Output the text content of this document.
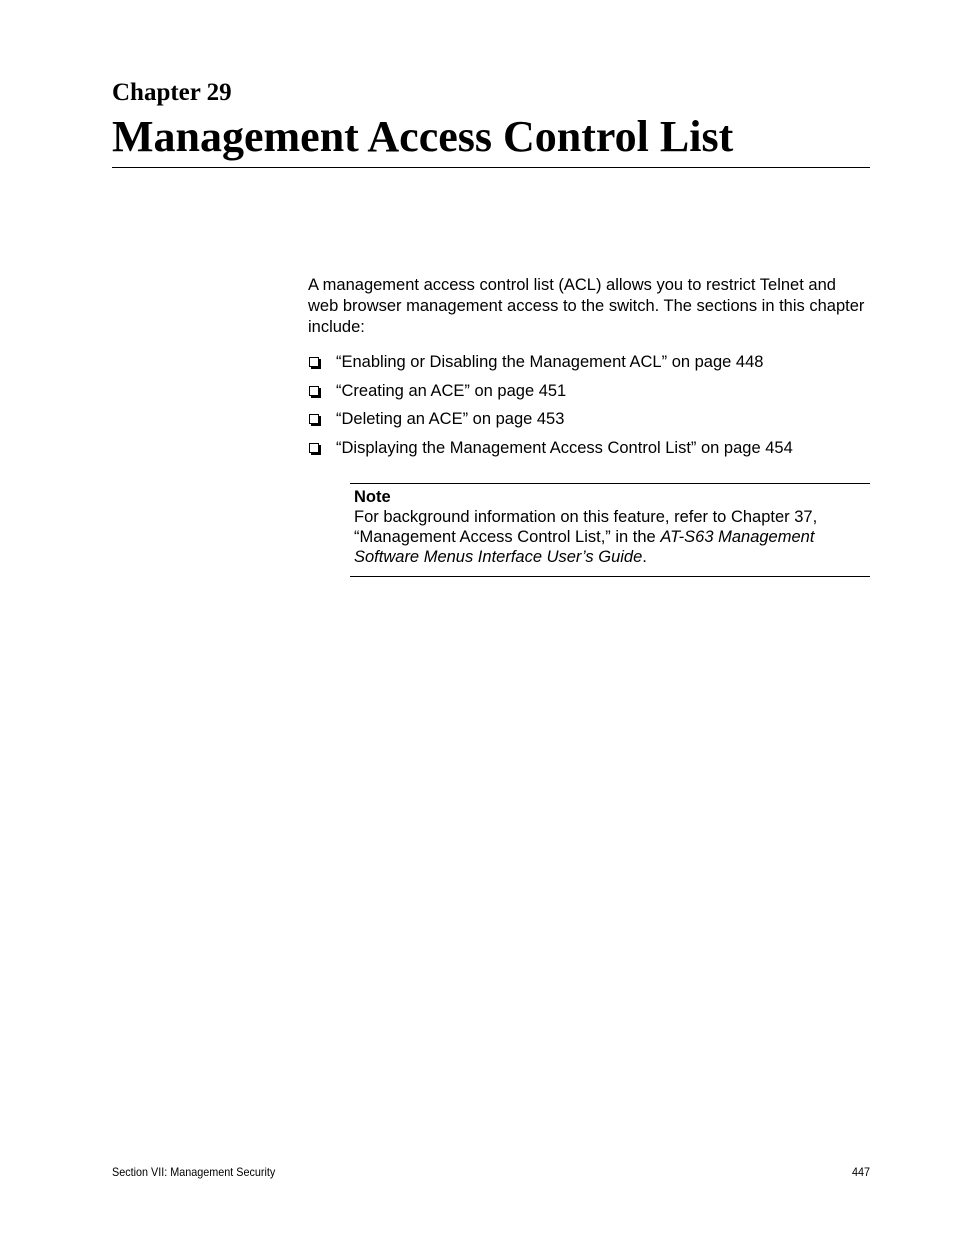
Chapter 29
Management Access Control List

A management access control list (ACL) allows you to restrict Telnet and web browser management access to the switch. The sections in this chapter include:

“Enabling or Disabling the Management ACL” on page 448
“Creating an ACE” on page 451
“Deleting an ACE” on page 453
“Displaying the Management Access Control List” on page 454

Note

For background information on this feature, refer to Chapter 37, “Management Access Control List,” in the AT-S63 Management Software Menus Interface User’s Guide.

Section VII: Management Security	447
